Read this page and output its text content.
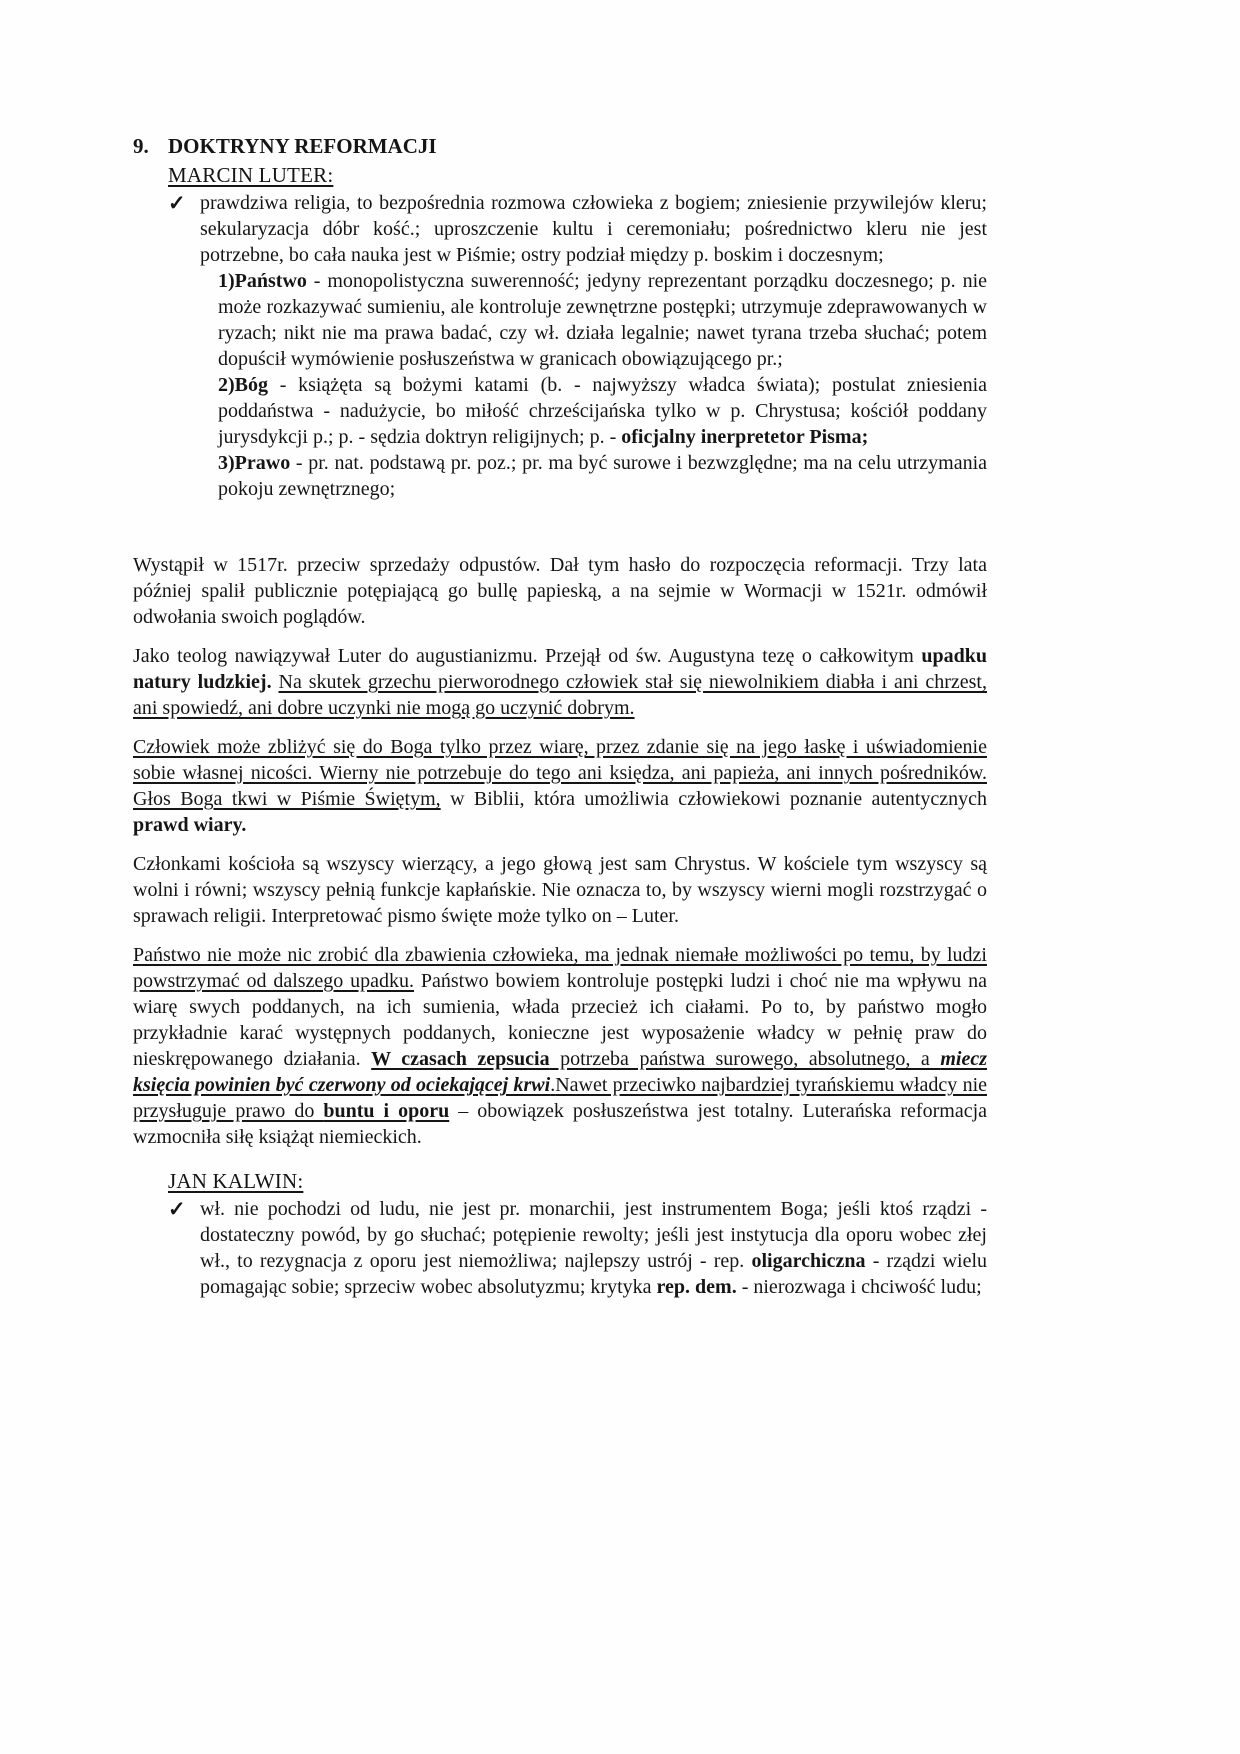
9. DOKTRYNY REFORMACJI
MARCIN LUTER:
✓ prawdziwa religia, to bezpośrednia rozmowa człowieka z bogiem; zniesienie przywilejów kleru; sekularyzacja dóbr kość.; uproszczenie kultu i ceremoniału; pośrednictwo kleru nie jest potrzebne, bo cała nauka jest w Piśmie; ostry podział między p. boskim i doczesnym;
1)Państwo - monopolistyczna suwerenność; jedyny reprezentant porządku doczesnego; p. nie może rozkazywać sumieniu, ale kontroluje zewnętrzne postępki; utrzymuje zdeprawowanych w ryzach; nikt nie ma prawa badać, czy wł. działa legalnie; nawet tyrana trzeba słuchać; potem dopuścił wymówienie posłuszeństwa w granicach obowiązującego pr.;
2)Bóg - książęta są bożymi katami (b. - najwyższy władca świata); postulat zniesienia poddaństwa - nadużycie, bo miłość chrześcijańska tylko w p. Chrystusa; kościół poddany jurysdykcji p.; p. - sędzia doktryn religijnych; p. - oficjalny inerpretetor Pisma;
3)Prawo - pr. nat. podstawą pr. poz.; pr. ma być surowe i bezwzględne; ma na celu utrzymania pokoju zewnętrznego;
Wystąpił w 1517r. przeciw sprzedaży odpustów. Dał tym hasło do rozpoczęcia reformacji. Trzy lata później spalił publicznie potępiającą go bullę papieską, a na sejmie w Wormacji w 1521r. odmówił odwołania swoich poglądów.
Jako teolog nawiązywał Luter do augustianizmu. Przejął od św. Augustyna tezę o całkowitym upadku natury ludzkiej. Na skutek grzechu pierworodnego człowiek stał się niewolnikiem diabła i ani chrzest, ani spowiedź, ani dobre uczynki nie mogą go uczynić dobrym.
Człowiek może zbliżyć się do Boga tylko przez wiarę, przez zdanie się na jego łaskę i uświadomienie sobie własnej nicości. Wierny nie potrzebuje do tego ani księdza, ani papieża, ani innych pośredników. Głos Boga tkwi w Piśmie Świętym, w Biblii, która umożliwia człowiekowi poznanie autentycznych prawd wiary.
Członkami kościoła są wszyscy wierzący, a jego głową jest sam Chrystus. W kościele tym wszyscy są wolni i równi; wszyscy pełnią funkcje kapłańskie. Nie oznacza to, by wszyscy wierni mogli rozstrzygać o sprawach religii. Interpretować pismo święte może tylko on – Luter.
Państwo nie może nic zrobić dla zbawienia człowieka, ma jednak niemałe możliwości po temu, by ludzi powstrzymać od dalszego upadku. Państwo bowiem kontroluje postępki ludzi i choć nie ma wpływu na wiarę swych poddanych, na ich sumienia, włada przecież ich ciałami. Po to, by państwo mogło przykładnie karać występnych poddanych, konieczne jest wyposażenie władcy w pełnię praw do nieskrępowanego działania. W czasach zepsucia potrzeba państwa surowego, absolutnego, a miecz księcia powinien być czerwony od ociekającej krwi.Nawet przeciwko najbardziej tyrańskiemu władcy nie przysługuje prawo do buntu i oporu – obowiązek posłuszeństwa jest totalny. Luterańska reformacja wzmocniła siłę książąt niemieckich.
JAN KALWIN:
✓ wł. nie pochodzi od ludu, nie jest pr. monarchii, jest instrumentem Boga; jeśli ktoś rządzi - dostateczny powód, by go słuchać; potępienie rewolty; jeśli jest instytucja dla oporu wobec złej wł., to rezygnacja z oporu jest niemożliwa; najlepszy ustrój - rep. oligarchiczna - rządzi wielu pomagając sobie; sprzeciw wobec absolutyzmu; krytyka rep. dem. - nierozwaga i chciwość ludu;
